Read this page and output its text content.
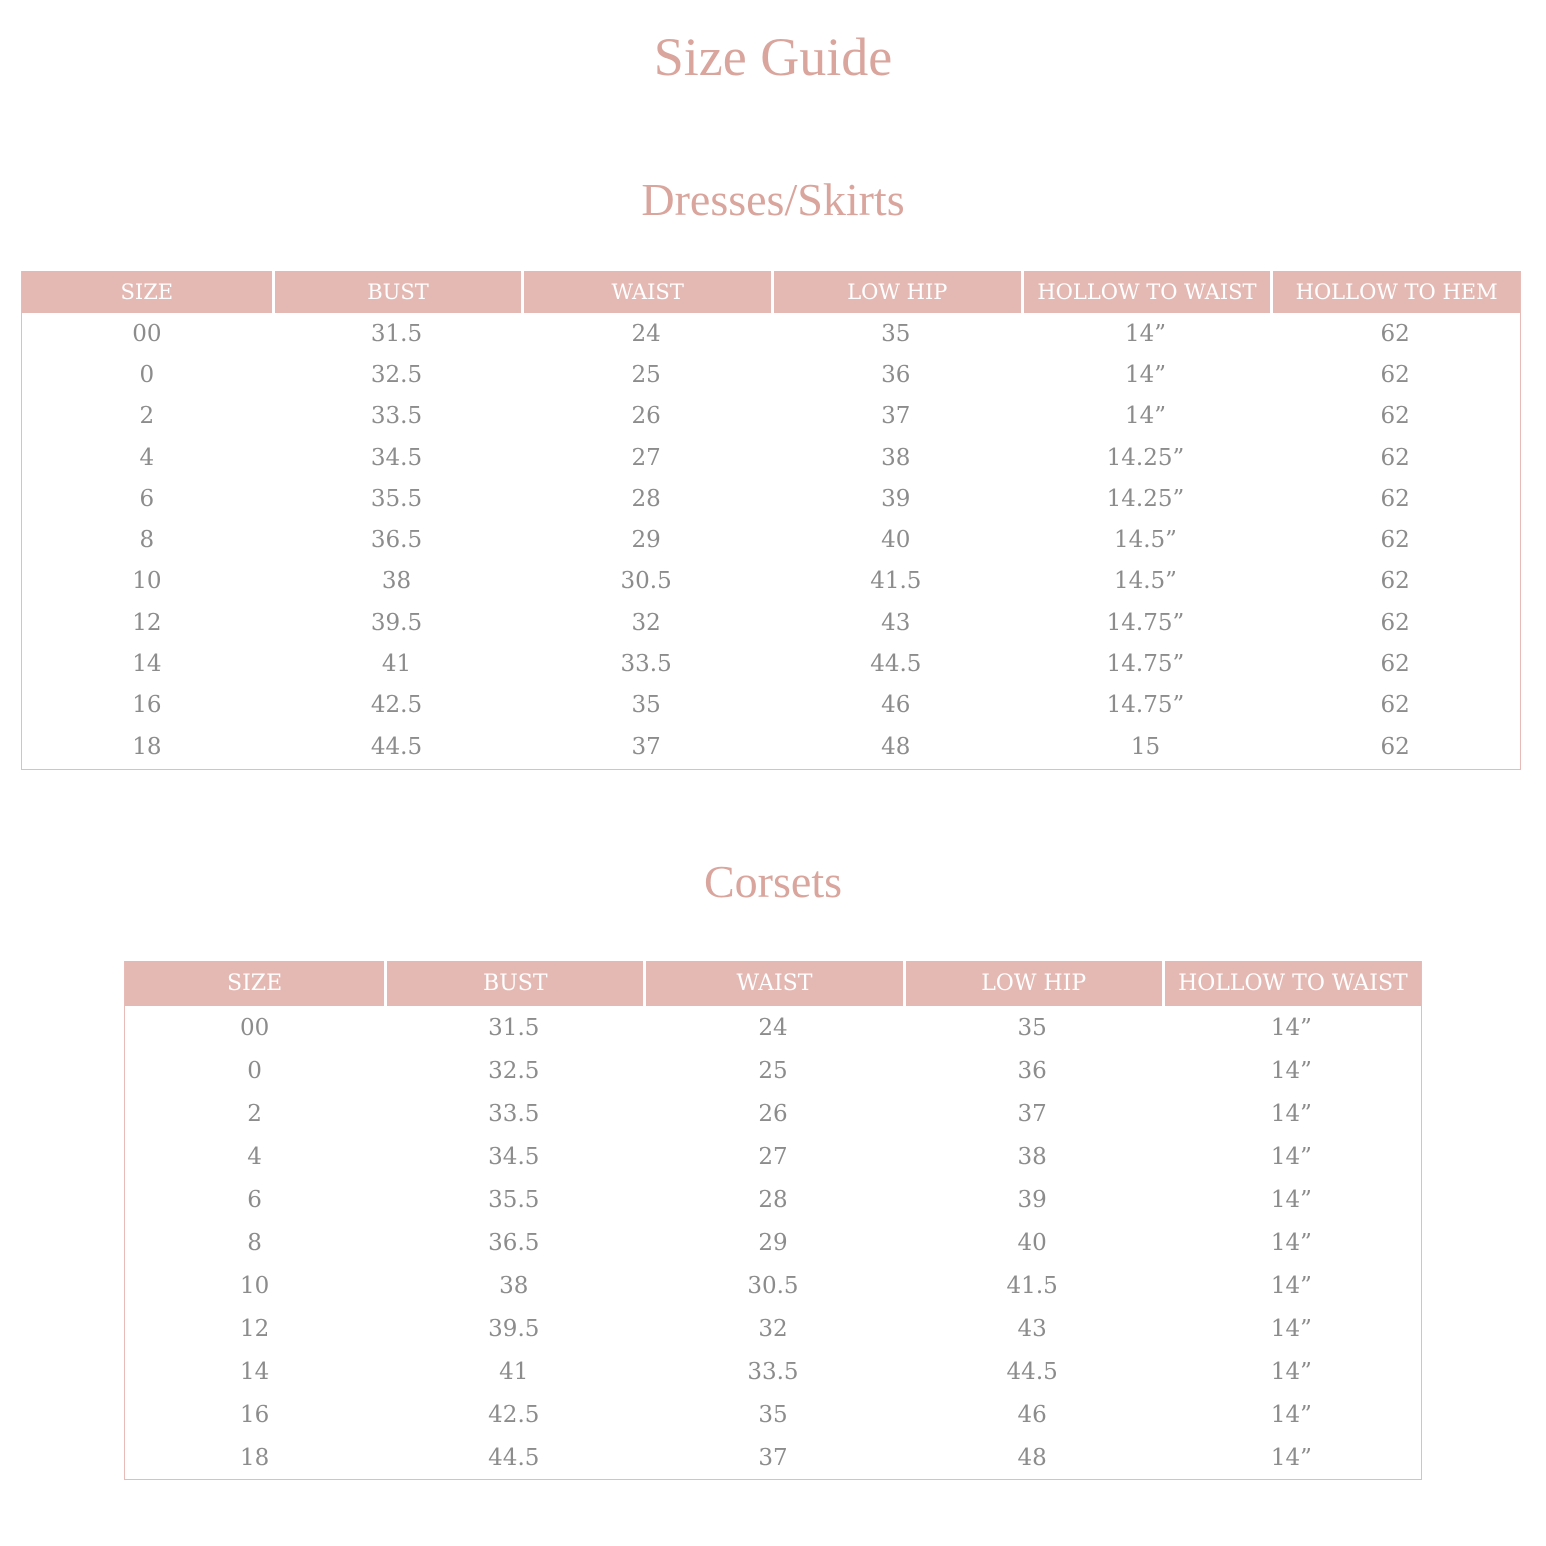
Size Guide
Dresses/Skirts
SIZE	BUST	WAIST	LOW HIP	HOLLOW TO WAIST	HOLLOW TO HEM
00	31.5	24	35	14”	62
0	32.5	25	36	14”	62
2	33.5	26	37	14”	62
4	34.5	27	38	14.25”	62
6	35.5	28	39	14.25”	62
8	36.5	29	40	14.5”	62
10	38	30.5	41.5	14.5”	62
12	39.5	32	43	14.75”	62
14	41	33.5	44.5	14.75”	62
16	42.5	35	46	14.75”	62
18	44.5	37	48	15	62
Corsets
SIZE	BUST	WAIST	LOW HIP	HOLLOW TO WAIST
00	31.5	24	35	14”
0	32.5	25	36	14”
2	33.5	26	37	14”
4	34.5	27	38	14”
6	35.5	28	39	14”
8	36.5	29	40	14”
10	38	30.5	41.5	14”
12	39.5	32	43	14”
14	41	33.5	44.5	14”
16	42.5	35	46	14”
18	44.5	37	48	14”
